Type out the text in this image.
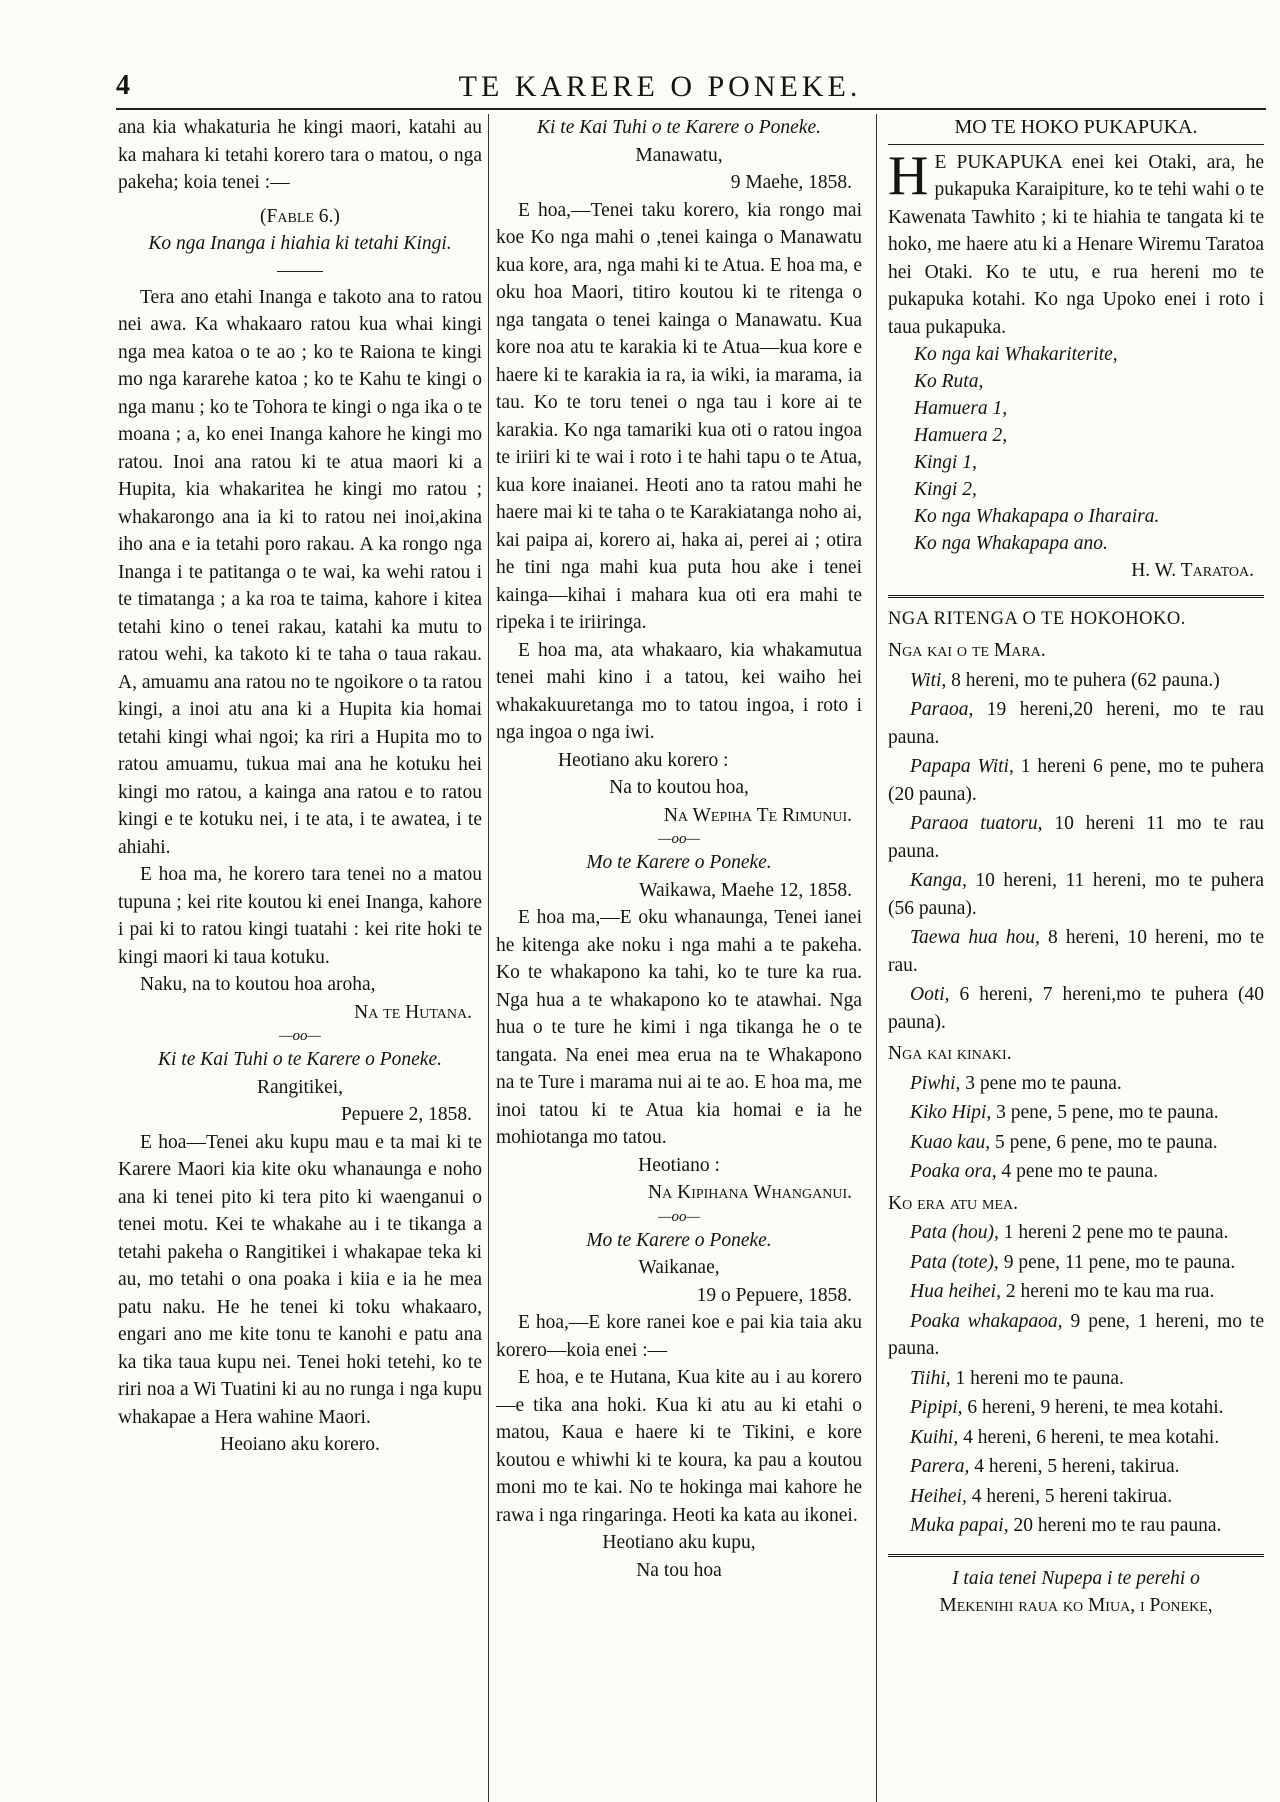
4	TE KARERE O PONEKE.

ana kia whakaturia he kingi maori, katahi au ka mahara ki tetahi korero tara o matou, o nga pakeha; koia tenei :—

(Fable 6.)

Ko nga Inanga i hiahia ki tetahi Kingi.

Tera ano etahi Inanga e takoto ana to ratou nei awa. Ka whakaaro ratou kua whai kingi nga mea katoa o te ao ; ko te Raiona te kingi mo nga kararehe katoa ; ko te Kahu te kingi o nga manu ; ko te Tohora te kingi o nga ika o te moana ; a, ko enei Inanga kahore he kingi mo ratou. Inoi ana ratou ki te atua maori ki a Hupita, kia whakaritea he kingi mo ratou ; whakarongo ana ia ki to ratou nei inoi,akina iho ana e ia tetahi poro rakau. A ka rongo nga Inanga i te patitanga o te wai, ka wehi ratou i te timatanga ; a ka roa te taima, kahore i kitea tetahi kino o tenei rakau, katahi ka mutu to ratou wehi, ka takoto ki te taha o taua rakau. A, amuamu ana ratou no te ngoikore o ta ratou kingi, a inoi atu ana ki a Hupita kia homai tetahi kingi whai ngoi; ka riri a Hupita mo to ratou amuamu, tukua mai ana he kotuku hei kingi mo ratou, a kainga ana ratou e to ratou kingi e te kotuku nei, i te ata, i te awatea, i te ahiahi.

E hoa ma, he korero tara tenei no a matou tupuna ; kei rite koutou ki enei Inanga, kahore i pai ki to ratou kingi tuatahi : kei rite hoki te kingi maori ki taua kotuku.

Naku, na to koutou hoa aroha,

Na te Hutana.

—oo—

Ki te Kai Tuhi o te Karere o Poneke.

Rangitikei,

Pepuere 2, 1858.

E hoa—Tenei aku kupu mau e ta mai ki te Karere Maori kia kite oku whanaunga e noho ana ki tenei pito ki tera pito ki waenganui o tenei motu. Kei te whakahe au i te tikanga a tetahi pakeha o Rangitikei i whakapae teka ki au, mo tetahi o ona poaka i kiia e ia he mea patu naku. He he tenei ki toku whakaaro, engari ano me kite tonu te kanohi e patu ana ka tika taua kupu nei. Tenei hoki tetehi, ko te riri noa a Wi Tuatini ki au no runga i nga kupu whakapae a Hera wahine Maori.

Heoiano aku korero.

Ki te Kai Tuhi o te Karere o Poneke.

Manawatu,

9 Maehe, 1858.

E hoa,—Tenei taku korero, kia rongo mai koe Ko nga mahi o ,tenei kainga o Manawatu kua kore, ara, nga mahi ki te Atua. E hoa ma, e oku hoa Maori, titiro koutou ki te ritenga o nga tangata o tenei kainga o Manawatu. Kua kore noa atu te karakia ki te Atua—kua kore e haere ki te karakia ia ra, ia wiki, ia marama, ia tau. Ko te toru tenei o nga tau i kore ai te karakia. Ko nga tamariki kua oti o ratou ingoa te iriiri ki te wai i roto i te hahi tapu o te Atua, kua kore inaianei. Heoti ano ta ratou mahi he haere mai ki te taha o te Karakiatanga noho ai, kai paipa ai, korero ai, haka ai, perei ai ; otira he tini nga mahi kua puta hou ake i tenei kainga—kihai i mahara kua oti era mahi te ripeka i te iriiringa.

E hoa ma, ata whakaaro, kia whakamutua tenei mahi kino i a tatou, kei waiho hei whakakuuretanga mo to tatou ingoa, i roto i nga ingoa o nga iwi.

Heotiano aku korero :

Na to koutou hoa,

Na Wepiha Te Rimunui.

—oo—

Mo te Karere o Poneke.

Waikawa, Maehe 12, 1858.

E hoa ma,—E oku whanaunga, Tenei ianei he kitenga ake noku i nga mahi a te pakeha. Ko te whakapono ka tahi, ko te ture ka rua. Nga hua a te whakapono ko te atawhai. Nga hua o te ture he kimi i nga tikanga he o te tangata. Na enei mea erua na te Whakapono na te Ture i marama nui ai te ao. E hoa ma, me inoi tatou ki te Atua kia homai e ia he mohiotanga mo tatou.

Heotiano :

Na Kipihana Whanganui.

—oo—

Mo te Karere o Poneke.

Waikanae,

19 o Pepuere, 1858.

E hoa,—E kore ranei koe e pai kia taia aku korero—koia enei :—

E hoa, e te Hutana, Kua kite au i au korero—e tika ana hoki. Kua ki atu au ki etahi o matou, Kaua e haere ki te Tikini, e kore koutou e whiwhi ki te koura, ka pau a koutou moni mo te kai. No te hokinga mai kahore he rawa i nga ringaringa. Heoti ka kata au ikonei.

Heotiano aku kupu,

Na tou hoa

MO TE HOKO PUKAPUKA.

H E PUKAPUKA enei kei Otaki, ara, he pukapuka Karaipiture, ko te tehi wahi o te Kawenata Tawhito ; ki te hiahia te tangata ki te hoko, me haere atu ki a Henare Wiremu Taratoa hei Otaki. Ko te utu, e rua hereni mo te pukapuka kotahi. Ko nga Upoko enei i roto i taua pukapuka.

Ko nga kai Whakariterite,
Ko Ruta,
Hamuera 1,
Hamuera 2,
Kingi 1,
Kingi 2,
Ko nga Whakapapa o Iharaira.
Ko nga Whakapapa ano.

H. W. Taratoa.

NGA RITENGA O TE HOKOHOKO.

Nga kai o te Mara.

Witi, 8 hereni, mo te puhera (62 pauna.)

Paraoa, 19 hereni,20 hereni, mo te rau pauna.

Papapa Witi, 1 hereni 6 pene, mo te puhera (20 pauna).

Paraoa tuatoru, 10 hereni 11 mo te rau pauna.

Kanga, 10 hereni, 11 hereni, mo te puhera (56 pauna).

Taewa hua hou, 8 hereni, 10 hereni, mo te rau.

Ooti, 6 hereni, 7 hereni,mo te puhera (40 pauna).

Nga kai kinaki.

Piwhi, 3 pene mo te pauna.

Kiko Hipi, 3 pene, 5 pene, mo te pauna.

Kuao kau, 5 pene, 6 pene, mo te pauna.

Poaka ora, 4 pene mo te pauna.

Ko era atu mea.

Pata (hou), 1 hereni 2 pene mo te pauna.

Pata (tote), 9 pene, 11 pene, mo te pauna.

Hua heihei, 2 hereni mo te kau ma rua.

Poaka whakapaoa, 9 pene, 1 hereni, mo te pauna.

Tiihi, 1 hereni mo te pauna.

Pipipi, 6 hereni, 9 hereni, te mea kotahi.

Kuihi, 4 hereni, 6 hereni, te mea kotahi.

Parera, 4 hereni, 5 hereni, takirua.

Heihei, 4 hereni, 5 hereni takirua.

Muka papai, 20 hereni mo te rau pauna.

I taia tenei Nupepa i te perehi o

Mekenihi raua ko Miua, i Poneke,
